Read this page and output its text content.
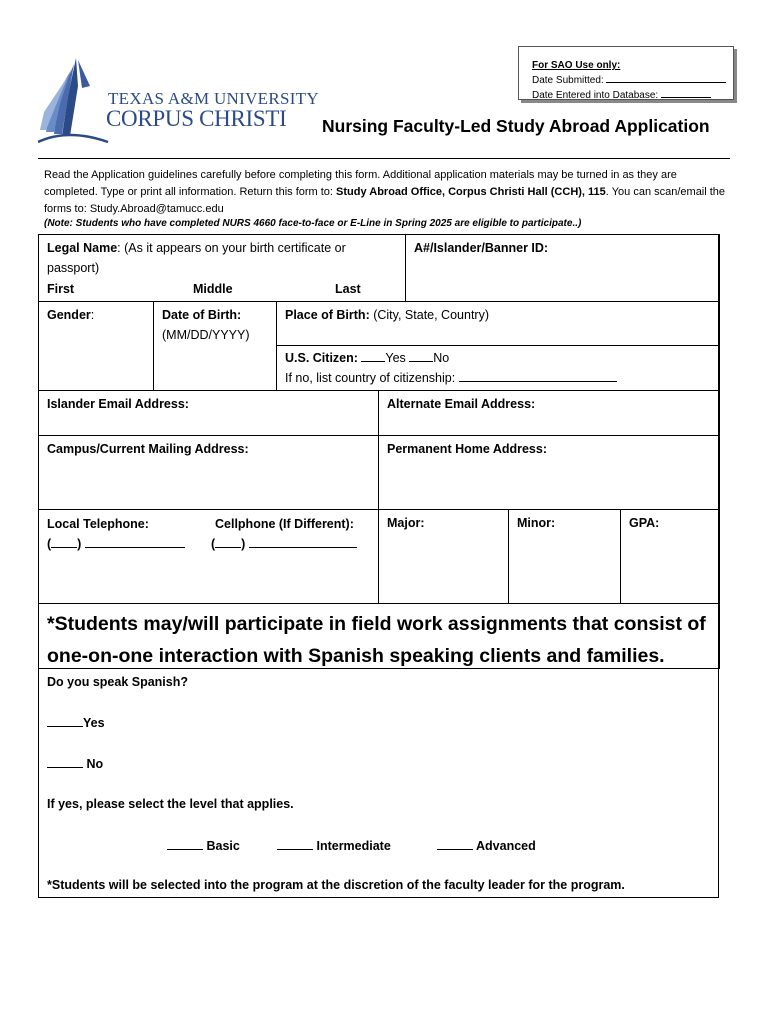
TEXAS A&M UNIVERSITY
CORPUS CHRISTI
For SAO Use only:
Date Submitted:
Date Entered into Database:
Nursing Faculty-Led Study Abroad Application
Read the Application guidelines carefully before completing this form. Additional application materials may be turned in as they are completed. Type or print all information. Return this form to: Study Abroad Office, Corpus Christi Hall (CCH), 115. You can scan/email the forms to: Study.Abroad@tamucc.edu
(Note: Students who have completed NURS 4660 face-to-face or E-Line in Spring 2025 are eligible to participate..)
Legal Name: (As it appears on your birth certificate or passport)
First	Middle	Last
A#/Islander/Banner ID:
Gender:	Date of Birth:
(MM/DD/YYYY)
Place of Birth: (City, State, Country)
U.S. Citizen: Yes No
If no, list country of citizenship:
Islander Email Address:	Alternate Email Address:
Campus/Current Mailing Address:	Permanent Home Address:
Local Telephone:	Cellphone (If Different):
( )	( )
Major:	Minor:	GPA:
*Students may/will participate in field work assignments that consist of one-on-one interaction with Spanish speaking clients and families.
Do you speak Spanish?
Yes
No
If yes, please select the level that applies.
Basic	Intermediate	Advanced
*Students will be selected into the program at the discretion of the faculty leader for the program.
